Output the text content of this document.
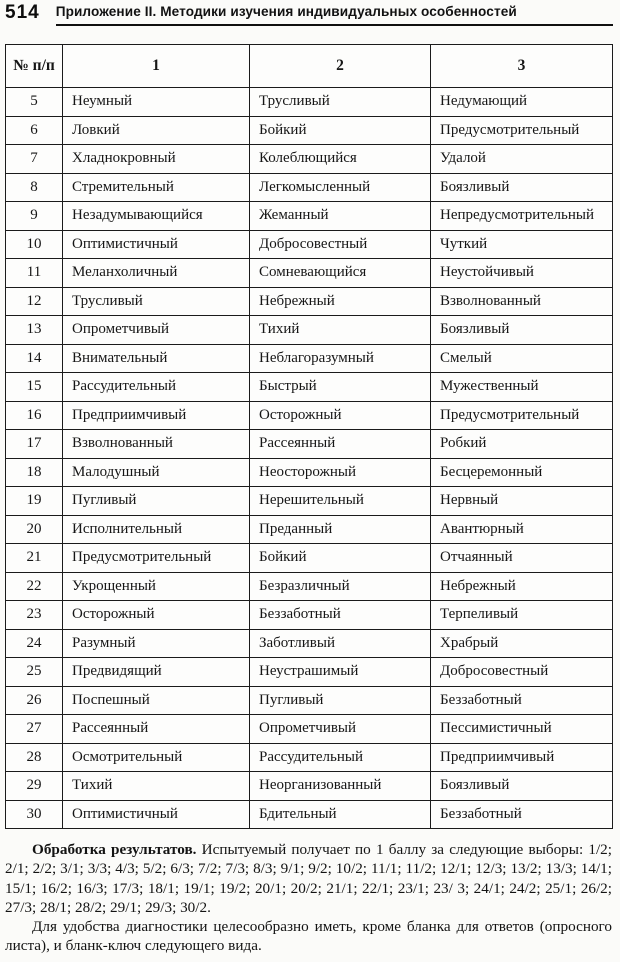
514 Приложение II. Методики изучения индивидуальных особенностей
№ п/п	1	2	3
5	Неумный	Трусливый	Недумающий
6	Ловкий	Бойкий	Предусмотрительный
7	Хладнокровный	Колеблющийся	Удалой
8	Стремительный	Легкомысленный	Боязливый
9	Незадумывающийся	Жеманный	Непредусмотрительный
10	Оптимистичный	Добросовестный	Чуткий
11	Меланхоличный	Сомневающийся	Неустойчивый
12	Трусливый	Небрежный	Взволнованный
13	Опрометчивый	Тихий	Боязливый
14	Внимательный	Неблагоразумный	Смелый
15	Рассудительный	Быстрый	Мужественный
16	Предприимчивый	Осторожный	Предусмотрительный
17	Взволнованный	Рассеянный	Робкий
18	Малодушный	Неосторожный	Бесцеремонный
19	Пугливый	Нерешительный	Нервный
20	Исполнительный	Преданный	Авантюрный
21	Предусмотрительный	Бойкий	Отчаянный
22	Укрощенный	Безразличный	Небрежный
23	Осторожный	Беззаботный	Терпеливый
24	Разумный	Заботливый	Храбрый
25	Предвидящий	Неустрашимый	Добросовестный
26	Поспешный	Пугливый	Беззаботный
27	Рассеянный	Опрометчивый	Пессимистичный
28	Осмотрительный	Рассудительный	Предприимчивый
29	Тихий	Неорганизованный	Боязливый
30	Оптимистичный	Бдительный	Беззаботный

Обработка результатов. Испытуемый получает по 1 баллу за следующие выборы: 1/2; 2/1; 2/2; 3/1; 3/3; 4/3; 5/2; 6/3; 7/2; 7/3; 8/3; 9/1; 9/2; 10/2; 11/1; 11/2; 12/1; 12/3; 13/2; 13/3; 14/1; 15/1; 16/2; 16/3; 17/3; 18/1; 19/1; 19/2; 20/1; 20/2; 21/1; 22/1; 23/1; 23/ 3; 24/1; 24/2; 25/1; 26/2; 27/3; 28/1; 28/2; 29/1; 29/3; 30/2.

Для удобства диагностики целесообразно иметь, кроме бланка для ответов (опросного листа), и бланк-ключ следующего вида.
